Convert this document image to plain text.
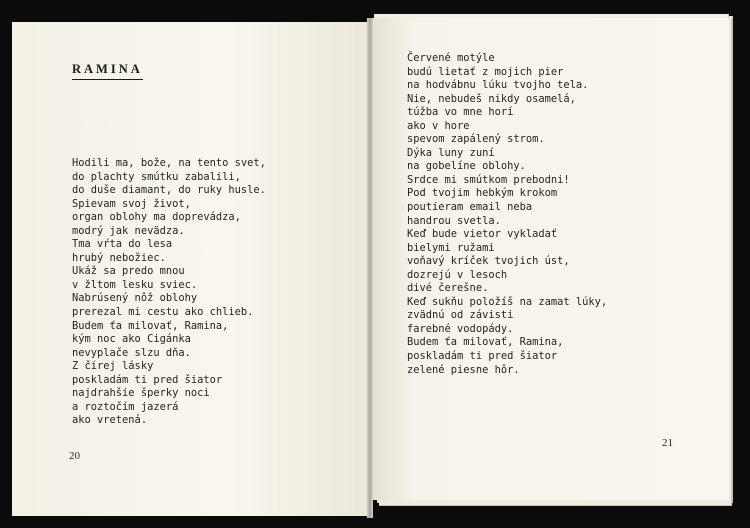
RAMINA
Hodili ma, bože, na tento svet,
do plachty smútku zabalili,
do duše diamant, do ruky husle.
Spievam svoj život,
organ oblohy ma doprevádza,
modrý jak nevädza.
Tma vŕta do lesa
hrubý nebožiec.
Ukáž sa predo mnou
v žltom lesku sviec.
Nabrúsený nôž oblohy
prerezal mi cestu ako chlieb.
Budem ťa milovať, Ramina,
kým noc ako Cigánka
nevyplače slzu dňa.
Z čírej lásky
poskladám ti pred šiator
najdrahšie šperky noci
a roztočím jazerá
ako vretená.
20
Červené motýle
budú lietať z mojich pier
na hodvábnu lúku tvojho tela.
Nie, nebudeš nikdy osamelá,
túžba vo mne horí
ako v hore
spevom zapálený strom.
Dýka luny zuní
na gobelíne oblohy.
Srdce mi smútkom prebodni!
Pod tvojim hebkým krokom
poutieram email neba
handrou svetla.
Keď bude vietor vykladať
bielymi ružami
voňavý kríček tvojich úst,
dozrejú v lesoch
divé čerešne.
Keď sukňu položíš na zamat lúky,
zvädnú od závisti
farebné vodopády.
Budem ťa milovať, Ramina,
poskladám ti pred šiator
zelené piesne hôr.
21
